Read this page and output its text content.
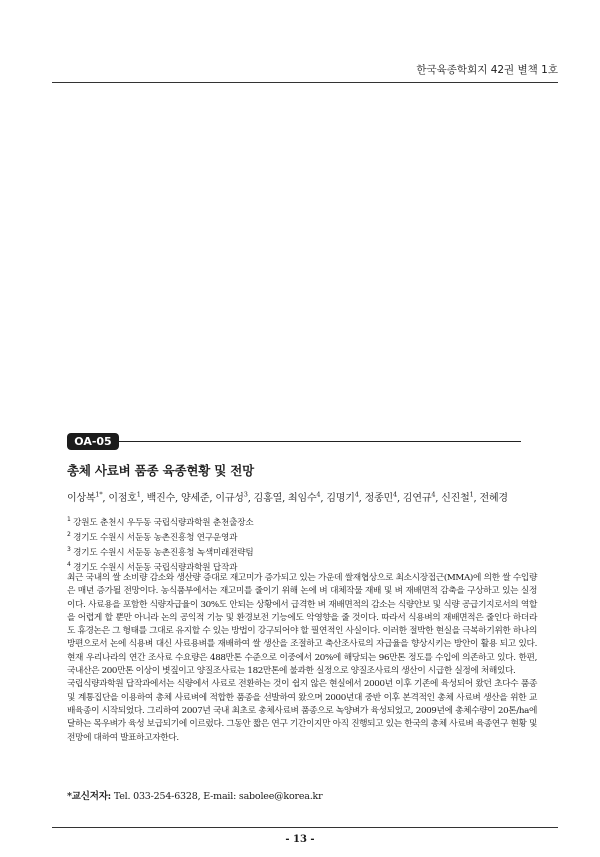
한국육종학회지 42권 별책 1호
OA-05
총체 사료벼 품종 육종현황 및 전망
이상복$^{1*}$, 이점호$^1$, 백진수, 양세준, 이규성$^3$, 김홍열, 최임수$^4$, 김명기$^4$, 정종민$^4$, 김연규$^4$, 신진철$^1$, 전혜경
$^1$ 강원도 춘천시 우두동 국립식량과학원 춘천출장소
$^2$ 경기도 수원시 서둔동 농촌진흥청 연구운영과
$^3$ 경기도 수원시 서둔동 농촌진흥청 녹색미래전략팀
$^4$ 경기도 수원시 서둔동 국립식량과학원 답작과

최근 국내의 쌀 소비량 감소와 생산량 증대로 재고미가 증가되고 있는 가운데 쌀재협상으로 최소시장접근(MMA)에 의한 쌀 수입량은 매년 증가될 전망이다. 농식품부에서는 재고미를 줄이기 위해 논에 벼 대체작물 재배 및 벼 재배면적 감축을 구상하고 있는 실정이다. 사료용을 포함한 식량자급율이 30%도 안되는 상황에서 급격한 벼 재배면적의 감소는 식량안보 및 식량 공급기지로서의 역할을 어렵게 할 뿐만 아니라 논의 공익적 기능 및 환경보전 기능에도 악영향을 줄 것이다. 따라서 식용벼의 재배면적은 줄인다 하더라도 휴경논은 그 형태를 그대로 유지할 수 있는 방법이 강구되어야 할 필연적인 사실이다. 이러한 절박한 현실을 극복하기위한 하나의 방편으로서 논에 식용벼 대신 사료용벼를 재배하여 쌀 생산을 조절하고 축산조사료의 자급율을 향상시키는 방안이 활용 되고 있다. 현재 우리나라의 연간 조사료 수요량은 488만톤 수준으로 이중에서 20%에 해당되는 96만톤 정도를 수입에 의존하고 있다. 한편, 국내산은 200만톤 이상이 볏짚이고 양질조사료는 182만톤에 불과한 실정으로 양질조사료의 생산이 시급한 실정에 처해있다.

국립식량과학원 답작과에서는 식량에서 사료로 전환하는 것이 쉽지 않은 현실에서 2000년 이후 기존에 육성되어 왔던 초다수 품종 및 계통집단을 이용하여 총체 사료벼에 적합한 품종을 선발하여 왔으며 2000년대 중반 이후 본격적인 총체 사료벼 생산을 위한 교배육종이 시작되었다. 그리하여 2007년 국내 최초로 총체사료벼 품종으로 녹양벼가 육성되었고, 2009년에 총체수량이 20톤/ha에 달하는 목우벼가 육성 보급되기에 이르렀다. 그동안 짧은 연구 기간이지만 아직 진행되고 있는 한국의 총체 사료벼 육종연구 현황 및 전망에 대하여 발표하고자한다.

*교신저자: Tel. 033-254-6328, E-mail: sabolee@korea.kr
- 13 -
